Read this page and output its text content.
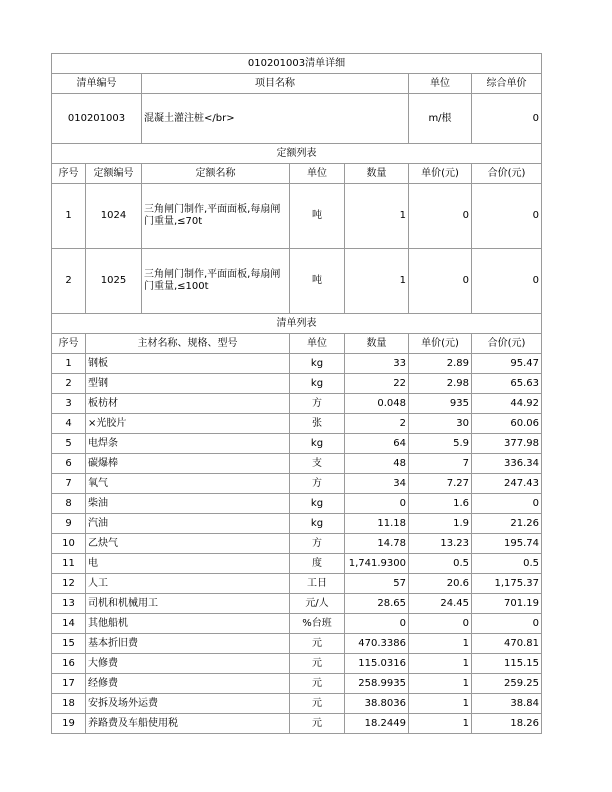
010201003清单详细						
清单编号		项目名称			单位	综合单价
010201003		混凝土灌注桩</br>			m/根	0
定额列表						
序号	定额编号	定额名称	单位	数量	单价(元)	合价(元)
1	1024	三角闸门制作,平面面板,每扇闸门重量,≤70t	吨	1	0	0
2	1025	三角闸门制作,平面面板,每扇闸门重量,≤100t	吨	1	0	0
清单列表						
序号	主材名称、规格、型号		单位	数量	单价(元)	合价(元)
1	钢板		kg	33	2.89	95.47
2	型钢		kg	22	2.98	65.63
3	板枋材		方	0.048	935	44.92
4	×光胶片		张	2	30	60.06
5	电焊条		kg	64	5.9	377.98
6	碳爆棒		支	48	7	336.34
7	氧气		方	34	7.27	247.43
8	柴油		kg	0	1.6	0
9	汽油		kg	11.18	1.9	21.26
10	乙炔气		方	14.78	13.23	195.74
11	电		度	1,741.9300	0.5	0.5
12	人工		工日	57	20.6	1,175.37
13	司机和机械用工		元/人	28.65	24.45	701.19
14	其他船机		%台班	0	0	0
15	基本折旧费		元	470.3386	1	470.81
16	大修费		元	115.0316	1	115.15
17	经修费		元	258.9935	1	259.25
18	安拆及场外运费		元	38.8036	1	38.84
19	养路费及车船使用税		元	18.2449	1	18.26
